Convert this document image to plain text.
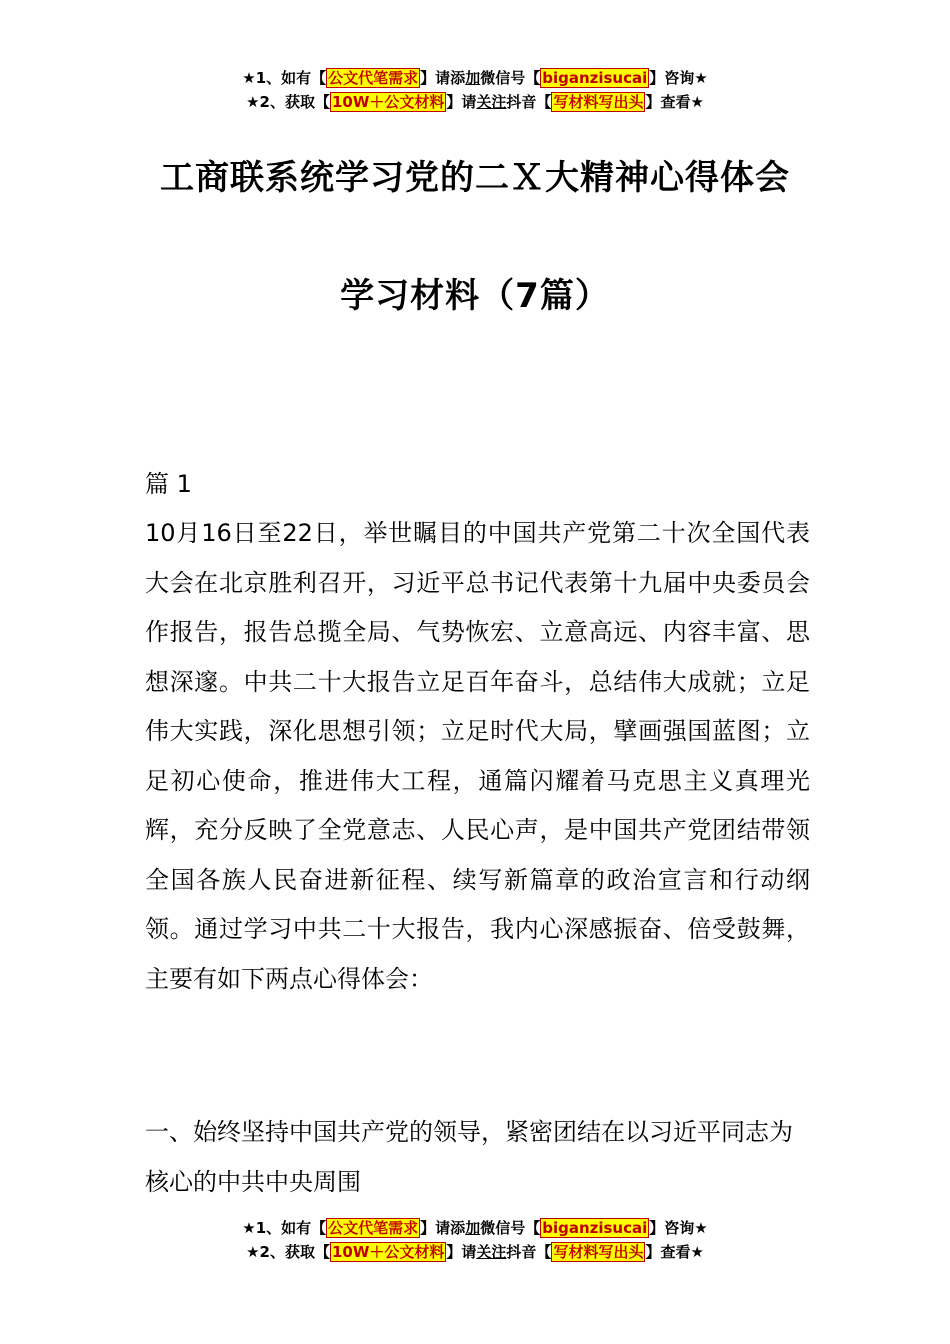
★1、如有【 公文代笔需求 】请添加微信号【 biganzisucai 】咨询★
★2、获取【 10W＋公文材料 】请关注抖音【 写材料写出头 】查看★
工商联系统学习党的二Ｘ大精神心得体会
学习材料（7篇）
篇 1

10月16日至22日，举世瞩目的中国共产党第二十次全国代表大会在北京胜利召开，习近平总书记代表第十九届中央委员会作报告，报告总揽全局、气势恢宏、立意高远、内容丰富、思想深邃。中共二十大报告立足百年奋斗，总结伟大成就；立足伟大实践，深化思想引领；立足时代大局，擘画强国蓝图；立足初心使命，推进伟大工程，通篇闪耀着马克思主义真理光辉，充分反映了全党意志、人民心声，是中国共产党团结带领全国各族人民奋进新征程、续写新篇章的政治宣言和行动纲领。通过学习中共二十大报告，我内心深感振奋、倍受鼓舞，主要有如下两点心得体会：

一、始终坚持中国共产党的领导，紧密团结在以习近平同志为核心的中共中央周围

★1、如有【 公文代笔需求 】请添加微信号【 biganzisucai 】咨询★
★2、获取【 10W＋公文材料 】请关注抖音【 写材料写出头 】查看★
